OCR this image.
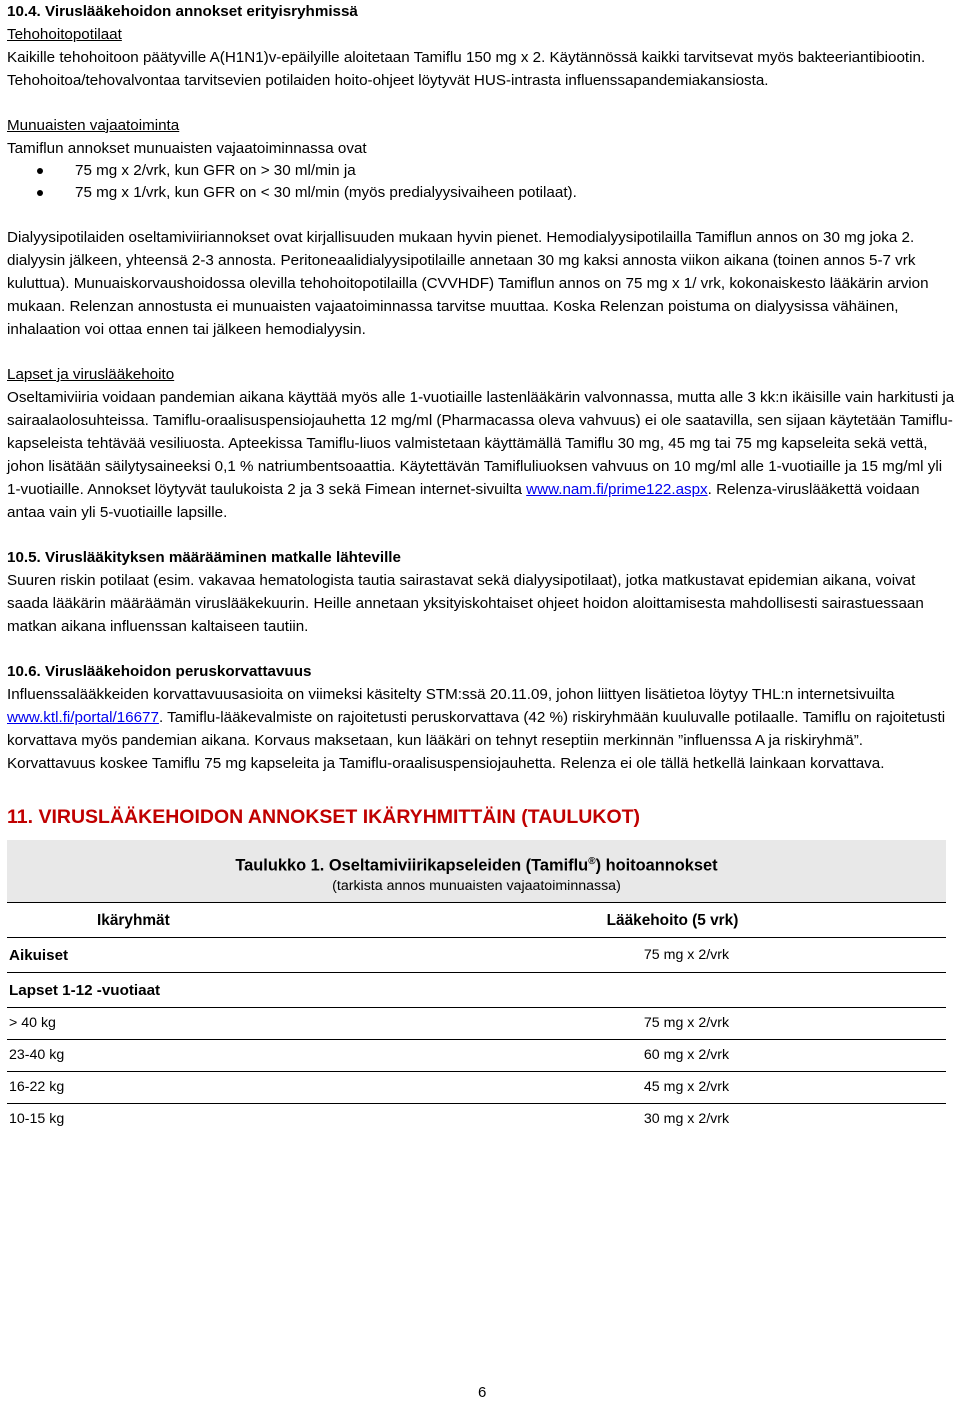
10.4. Viruslääkehoidon annokset erityisryhmissä

Tehohoitopotilaat

Kaikille tehohoitoon päätyville A(H1N1)v-epäilyille aloitetaan Tamiflu 150 mg x 2. Käytännössä kaikki tarvitsevat myös bakteeriantibiootin. Tehohoitoa/tehovalvontaa tarvitsevien potilaiden hoito-ohjeet löytyvät HUS-intrasta influenssapandemiakansiosta.

Munuaisten vajaatoiminta

Tamiflun annokset munuaisten vajaatoiminnassa ovat

75 mg x 2/vrk, kun GFR on > 30 ml/min ja
75 mg x 1/vrk, kun GFR on < 30 ml/min (myös predialyysivaiheen potilaat).

Dialyysipotilaiden oseltamiviiriannokset ovat kirjallisuuden mukaan hyvin pienet. Hemodialyysipotilailla Tamiflun annos on 30 mg joka 2. dialyysin jälkeen, yhteensä 2-3 annosta. Peritoneaalidialyysipotilaille annetaan 30 mg kaksi annosta viikon aikana (toinen annos 5-7 vrk kuluttua). Munuaiskorvaushoidossa olevilla tehohoitopotilailla (CVVHDF) Tamiflun annos on 75 mg x 1/ vrk, kokonaiskesto lääkärin arvion mukaan. Relenzan annostusta ei munuaisten vajaatoiminnassa tarvitse muuttaa. Koska Relenzan poistuma on dialyysissa vähäinen, inhalaation voi ottaa ennen tai jälkeen hemodialyysin.

Lapset ja viruslääkehoito

Oseltamiviiria voidaan pandemian aikana käyttää myös alle 1-vuotiaille lastenlääkärin valvonnassa, mutta alle 3 kk:n ikäisille vain harkitusti ja sairaalaolosuhteissa. Tamiflu-oraalisuspensiojauhetta 12 mg/ml (Pharmacassa oleva vahvuus) ei ole saatavilla, sen sijaan käytetään Tamiflu-kapseleista tehtävää vesiliuosta. Apteekissa Tamiflu-liuos valmistetaan käyttämällä Tamiflu 30 mg, 45 mg tai 75 mg kapseleita sekä vettä, johon lisätään säilytysaineeksi 0,1 % natriumbentsoaattia. Käytettävän Tamifluliuoksen vahvuus on 10 mg/ml alle 1-vuotiaille ja 15 mg/ml yli 1-vuotiaille. Annokset löytyvät taulukoista 2 ja 3 sekä Fimean internet-sivuilta www.nam.fi/prime122.aspx. Relenza-viruslääkettä voidaan antaa vain yli 5-vuotiaille lapsille.

10.5. Viruslääkityksen määrääminen matkalle lähteville

Suuren riskin potilaat (esim. vakavaa hematologista tautia sairastavat sekä dialyysipotilaat), jotka matkustavat epidemian aikana, voivat saada lääkärin määräämän viruslääkekuurin. Heille annetaan yksityiskohtaiset ohjeet hoidon aloittamisesta mahdollisesti sairastuessaan matkan aikana influenssan kaltaiseen tautiin.

10.6. Viruslääkehoidon peruskorvattavuus

Influenssalääkkeiden korvattavuusasioita on viimeksi käsitelty STM:ssä 20.11.09, johon liittyen lisätietoa löytyy THL:n internetsivuilta www.ktl.fi/portal/16677. Tamiflu-lääkevalmiste on rajoitetusti peruskorvattava (42 %) riskiryhmään kuuluvalle potilaalle. Tamiflu on rajoitetusti korvattava myös pandemian aikana. Korvaus maksetaan, kun lääkäri on tehnyt reseptiin merkinnän ”influenssa A ja riskiryhmä”. Korvattavuus koskee Tamiflu 75 mg kapseleita ja Tamiflu-oraalisuspensiojauhetta. Relenza ei ole tällä hetkellä lainkaan korvattava.

11. VIRUSLÄÄKEHOIDON ANNOKSET IKÄRYHMITTÄIN (TAULUKOT)
Taulukko 1. Oseltamiviirikapseleiden (Tamiflu®) hoitoannokset
(tarkista annos munuaisten vajaatoiminnassa)	

Ikäryhmät	Lääkehoito (5 vrk)
Aikuiset	75 mg x 2/vrk
Lapset 1-12 -vuotiaat	
> 40 kg	75 mg x 2/vrk
23-40 kg	60 mg x 2/vrk
16-22 kg	45 mg x 2/vrk
10-15 kg	30 mg x 2/vrk
6
